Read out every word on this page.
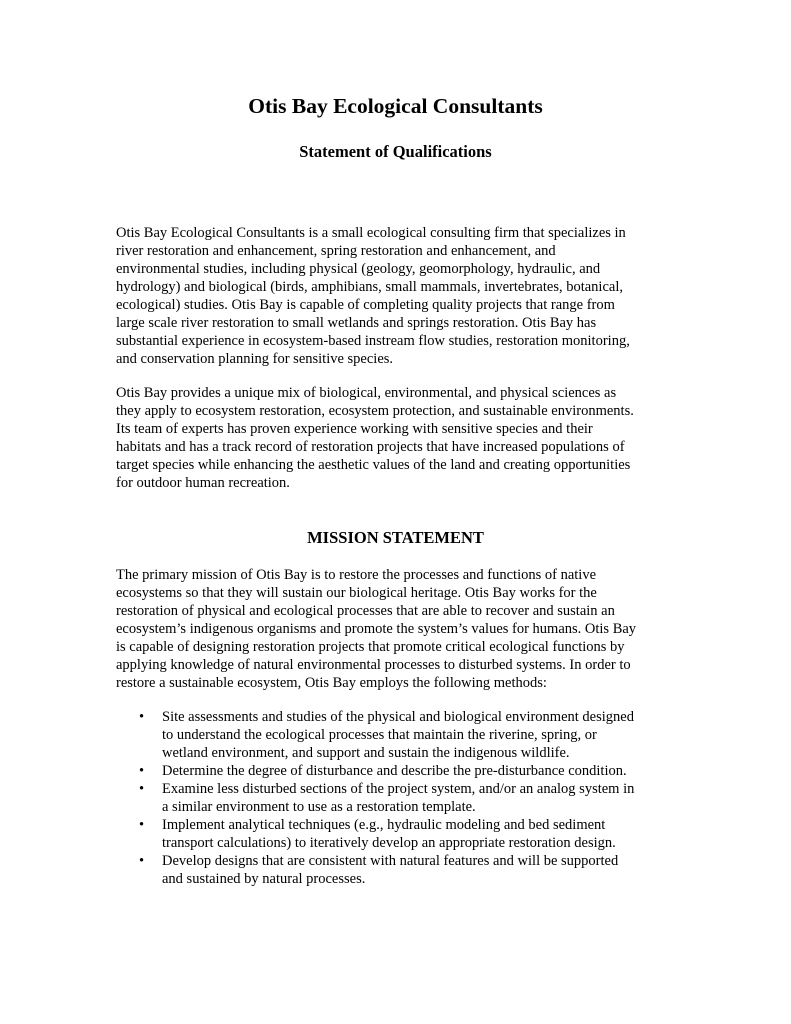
Otis Bay Ecological Consultants
Statement of Qualifications

Otis Bay Ecological Consultants is a small ecological consulting firm that specializes in
river restoration and enhancement, spring restoration and enhancement, and
environmental studies, including physical (geology, geomorphology, hydraulic, and
hydrology) and biological (birds, amphibians, small mammals, invertebrates, botanical,
ecological) studies. Otis Bay is capable of completing quality projects that range from
large scale river restoration to small wetlands and springs restoration. Otis Bay has
substantial experience in ecosystem-based instream flow studies, restoration monitoring,
and conservation planning for sensitive species.

Otis Bay provides a unique mix of biological, environmental, and physical sciences as
they apply to ecosystem restoration, ecosystem protection, and sustainable environments.
Its team of experts has proven experience working with sensitive species and their
habitats and has a track record of restoration projects that have increased populations of
target species while enhancing the aesthetic values of the land and creating opportunities
for outdoor human recreation.

MISSION STATEMENT

The primary mission of Otis Bay is to restore the processes and functions of native
ecosystems so that they will sustain our biological heritage. Otis Bay works for the
restoration of physical and ecological processes that are able to recover and sustain an
ecosystem’s indigenous organisms and promote the system’s values for humans. Otis Bay
is capable of designing restoration projects that promote critical ecological functions by
applying knowledge of natural environmental processes to disturbed systems. In order to
restore a sustainable ecosystem, Otis Bay employs the following methods:

• Site assessments and studies of the physical and biological environment designed
to understand the ecological processes that maintain the riverine, spring, or
wetland environment, and support and sustain the indigenous wildlife.
• Determine the degree of disturbance and describe the pre-disturbance condition.
• Examine less disturbed sections of the project system, and/or an analog system in
a similar environment to use as a restoration template.
• Implement analytical techniques (e.g., hydraulic modeling and bed sediment
transport calculations) to iteratively develop an appropriate restoration design.
• Develop designs that are consistent with natural features and will be supported
and sustained by natural processes.
